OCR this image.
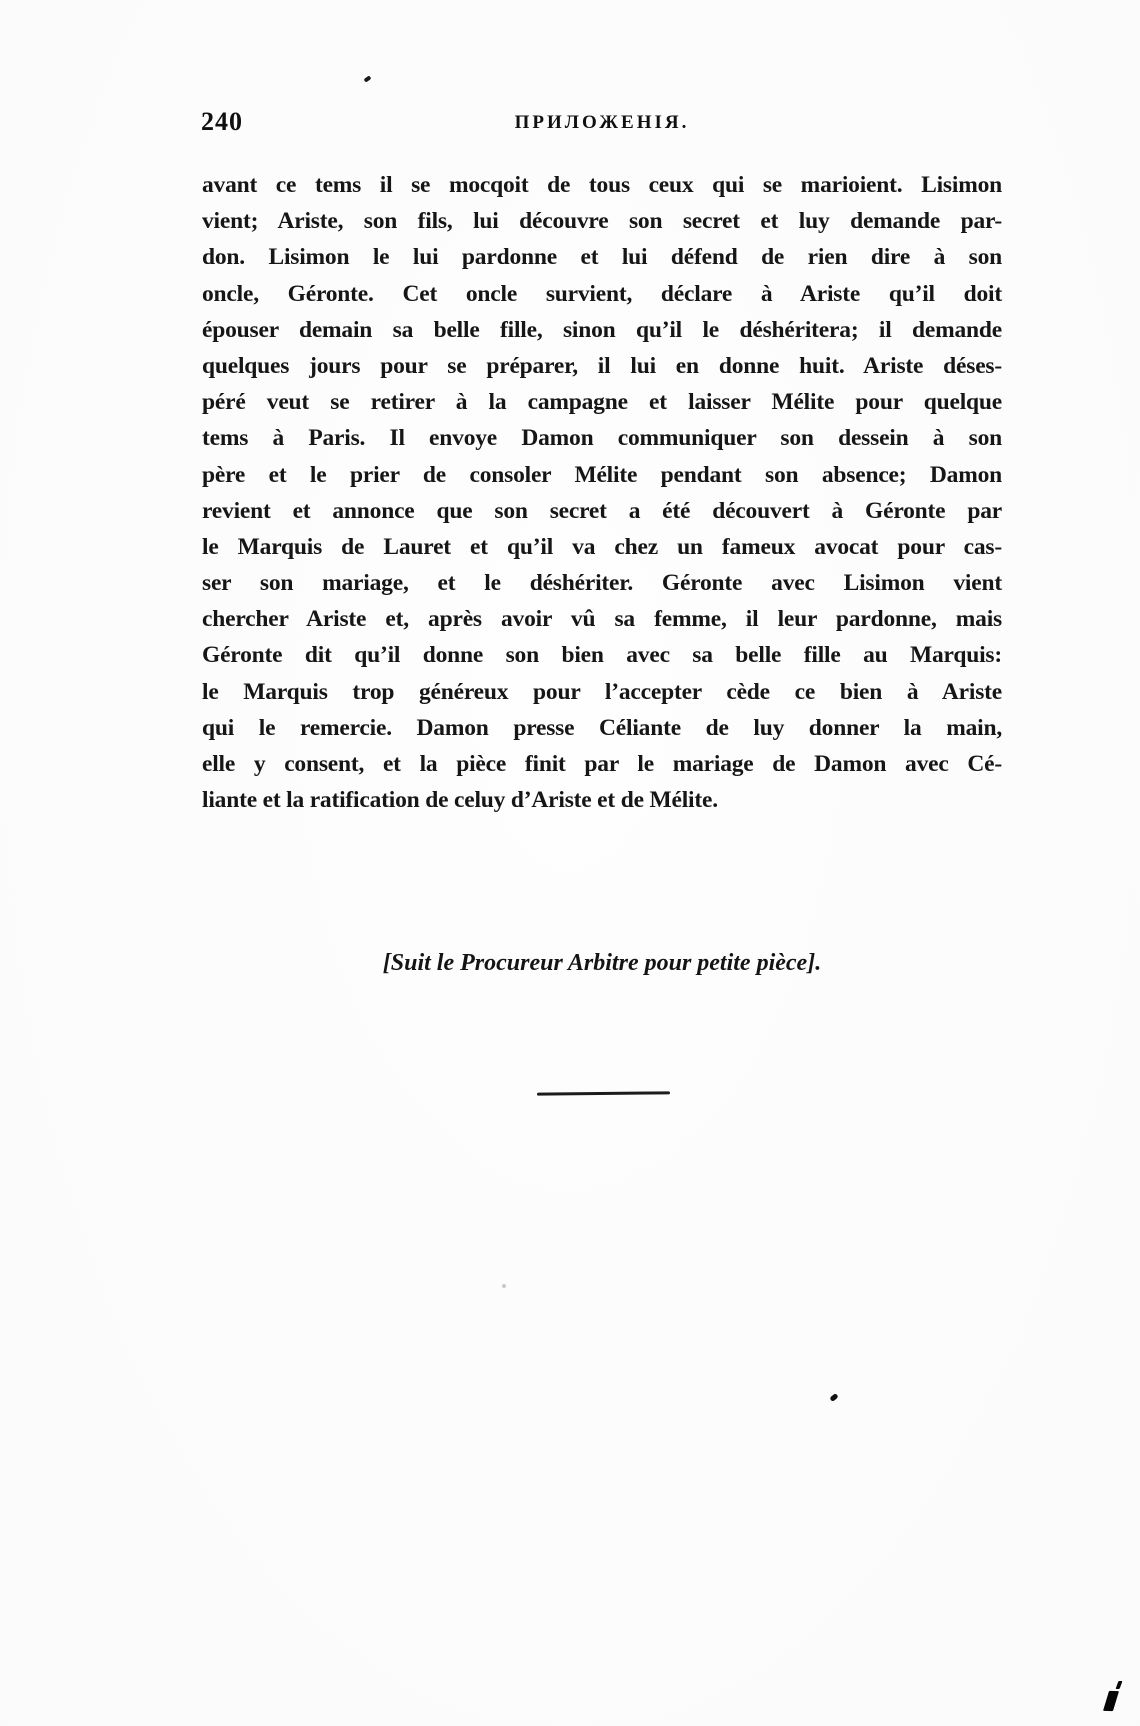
240	ПРИЛОЖЕНІЯ.
avant ce tems il se mocqoit de tous ceux qui se marioient. Lisimon
vient; Ariste, son fils, lui découvre son secret et luy demande par-
don. Lisimon le lui pardonne et lui défend de rien dire à son
oncle, Géronte. Cet oncle survient, déclare à Ariste qu’il doit
épouser demain sa belle fille, sinon qu’il le déshéritera; il demande
quelques jours pour se préparer, il lui en donne huit. Ariste déses-
péré veut se retirer à la campagne et laisser Mélite pour quelque
tems à Paris. Il envoye Damon communiquer son dessein à son
père et le prier de consoler Mélite pendant son absence; Damon
revient et annonce que son secret a été découvert à Géronte par
le Marquis de Lauret et qu’il va chez un fameux avocat pour cas-
ser son mariage, et le déshériter. Géronte avec Lisimon vient
chercher Ariste et, après avoir vû sa femme, il leur pardonne, mais
Géronte dit qu’il donne son bien avec sa belle fille au Marquis:
le Marquis trop généreux pour l’accepter cède ce bien à Ariste
qui le remercie. Damon presse Céliante de luy donner la main,
elle y consent, et la pièce finit par le mariage de Damon avec Cé-
liante et la ratification de celuy d’Ariste et de Mélite.
[Suit le Procureur Arbitre pour petite pièce].
